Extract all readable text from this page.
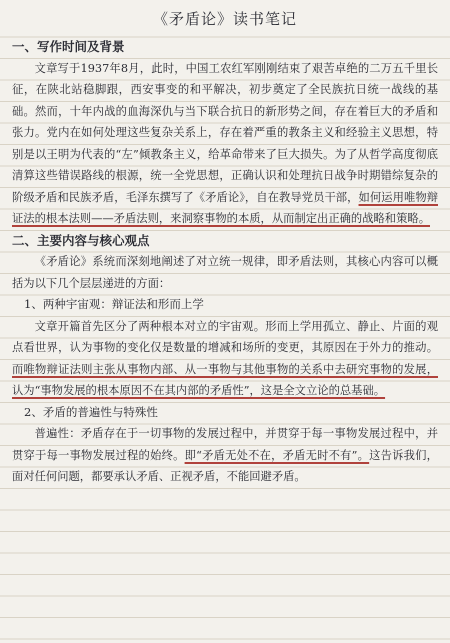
《矛盾论》读书笔记

一、写作时间及背景

文章写于1937年8月，此时，中国工农红军刚刚结束了艰苦卓绝的二万五千里长征，在陕北站稳脚跟，西安事变的和平解决，初步奠定了全民族抗日统一战线的基础。然而，十年内战的血海深仇与当下联合抗日的新形势之间，存在着巨大的矛盾和张力。党内在如何处理这些复杂关系上，存在着严重的教条主义和经验主义思想，特别是以王明为代表的“左”倾教条主义，给革命带来了巨大损失。为了从哲学高度彻底清算这些错误路线的根源，统一全党思想，正确认识和处理抗日战争时期错综复杂的阶级矛盾和民族矛盾，毛泽东撰写了《矛盾论》，自在教导党员干部，如何运用唯物辩证法的根本法则——矛盾法则，来洞察事物的本质，从而制定出正确的战略和策略。

二、主要内容与核心观点

《矛盾论》系统而深刻地阐述了对立统一规律，即矛盾法则，其核心内容可以概括为以下几个层层递进的方面：

1、两种宇宙观：辩证法和形而上学

文章开篇首先区分了两种根本对立的宇宙观。形而上学用孤立、静止、片面的观点看世界，认为事物的变化仅是数量的增减和场所的变更，其原因在于外力的推动。而唯物辩证法则主张从事物内部、从一事物与其他事物的关系中去研究事物的发展，认为“事物发展的根本原因不在其内部的矛盾性”，这是全文立论的总基础。

2、矛盾的普遍性与特殊性

普遍性：矛盾存在于一切事物的发展过程中，并贯穿于每一事物发展过程中，并贯穿于每一事物发展过程的始终。即“矛盾无处不在，矛盾无时不有”。这告诉我们，面对任何问题，都要承认矛盾、正视矛盾，不能回避矛盾。
